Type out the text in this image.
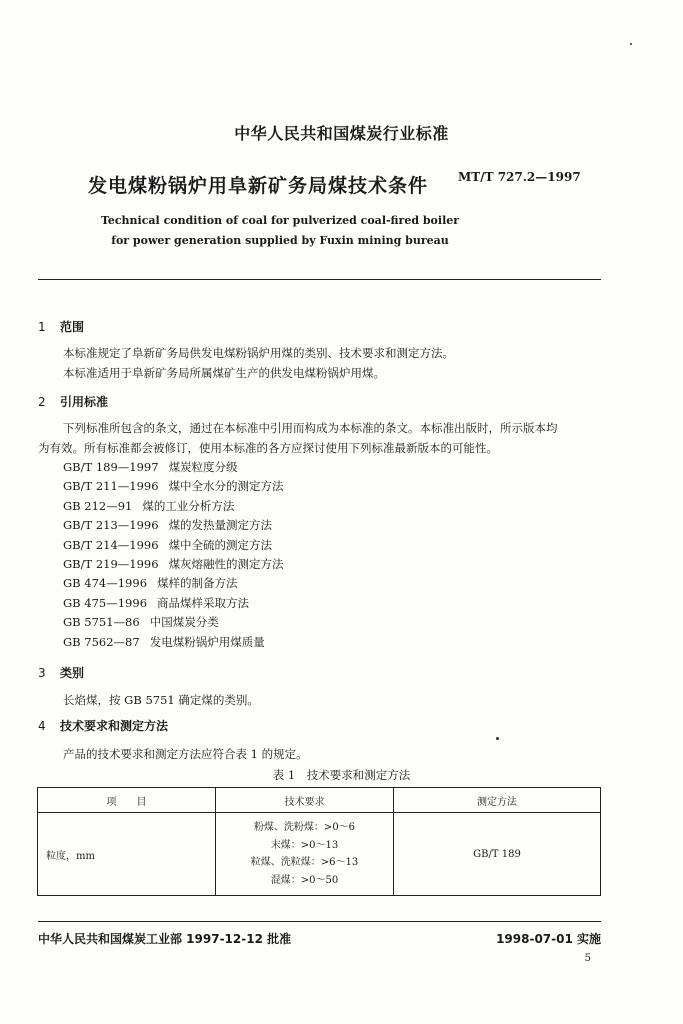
中华人民共和国煤炭行业标准
发电煤粉锅炉用阜新矿务局煤技术条件 MT/T 727.2—1997
Technical condition of coal for pulverized coal-fired boiler
for power generation supplied by Fuxin mining bureau
1 范围
本标准规定了阜新矿务局供发电煤粉锅炉用煤的类别、技术要求和测定方法。
本标准适用于阜新矿务局所属煤矿生产的供发电煤粉锅炉用煤。
2 引用标准
下列标准所包含的条文，通过在本标准中引用而构成为本标准的条文。本标准出版时，所示版本均
为有效。所有标准都会被修订，使用本标准的各方应探讨使用下列标准最新版本的可能性。
GB/T 189—1997 煤炭粒度分级
GB/T 211—1996 煤中全水分的测定方法
GB 212—91 煤的工业分析方法
GB/T 213—1996 煤的发热量测定方法
GB/T 214—1996 煤中全硫的测定方法
GB/T 219—1996 煤灰熔融性的测定方法
GB 474—1996 煤样的制备方法
GB 475—1996 商品煤样采取方法
GB 5751—86 中国煤炭分类
GB 7562—87 发电煤粉锅炉用煤质量
3 类别
长焰煤，按 GB 5751 确定煤的类别。
4 技术要求和测定方法
产品的技术要求和测定方法应符合表 1 的规定。
表 1　技术要求和测定方法
项　　目	技术要求	测定方法
粒度，mm	粉煤、洗粉煤：>0～6
末煤：>0～13
粒煤、洗粒煤：>6～13
混煤：>0～50	GB/T 189
中华人民共和国煤炭工业部 1997-12-12 批准	1998-07-01 实施
5
